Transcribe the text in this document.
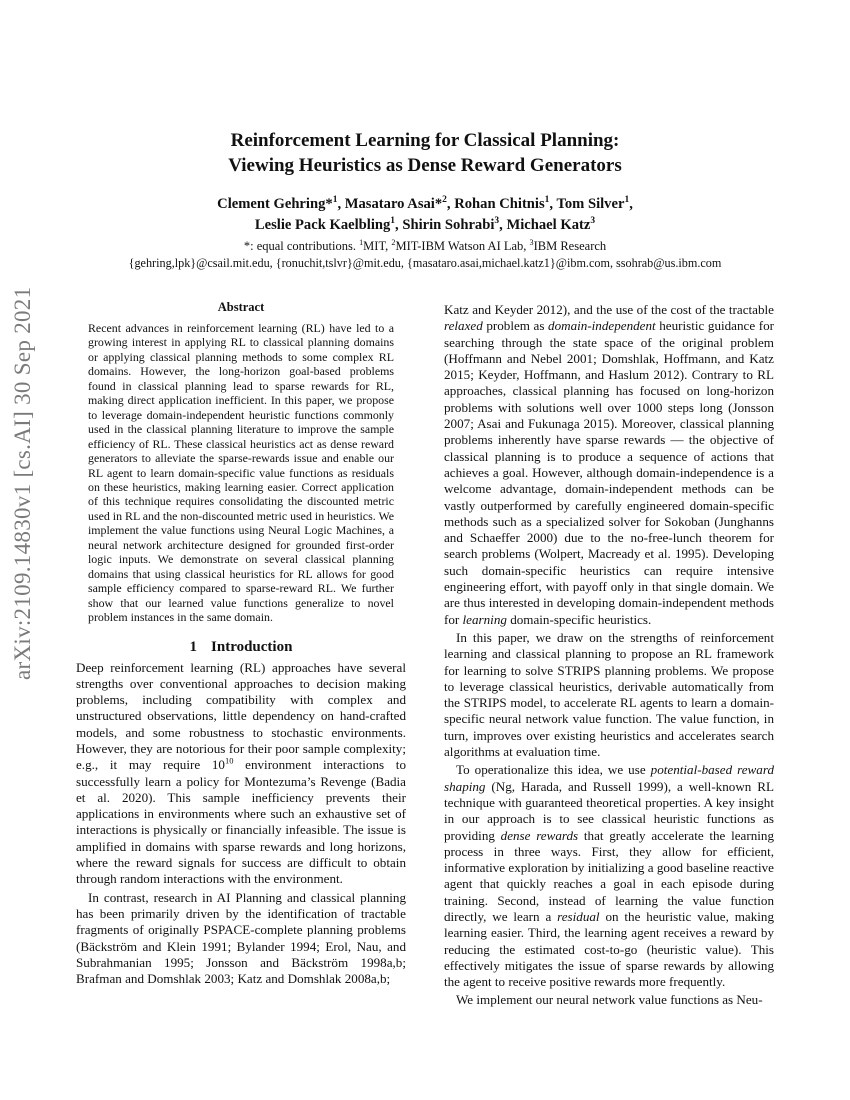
arXiv:2109.14830v1 [cs.AI] 30 Sep 2021
Reinforcement Learning for Classical Planning:
Viewing Heuristics as Dense Reward Generators
Clement Gehring*$^1$, Masataro Asai*$^2$, Rohan Chitnis$^1$, Tom Silver$^1$,
Leslie Pack Kaelbling$^1$, Shirin Sohrabi$^3$, Michael Katz$^3$
*: equal contributions. $^1$MIT, $^2$MIT-IBM Watson AI Lab, $^3$IBM Research
{gehring,lpk}@csail.mit.edu, {ronuchit,tslvr}@mit.edu, {masataro.asai,michael.katz1}@ibm.com, ssohrab@us.ibm.com
Abstract
Recent advances in reinforcement learning (RL) have led to a growing interest in applying RL to classical planning domains or applying classical planning methods to some complex RL domains. However, the long-horizon goal-based problems found in classical planning lead to sparse rewards for RL, making direct application inefficient. In this paper, we propose to leverage domain-independent heuristic functions commonly used in the classical planning literature to improve the sample efficiency of RL. These classical heuristics act as dense reward generators to alleviate the sparse-rewards issue and enable our RL agent to learn domain-specific value functions as residuals on these heuristics, making learning easier. Correct application of this technique requires consolidating the discounted metric used in RL and the non-discounted metric used in heuristics. We implement the value functions using Neural Logic Machines, a neural network architecture designed for grounded first-order logic inputs. We demonstrate on several classical planning domains that using classical heuristics for RL allows for good sample efficiency compared to sparse-reward RL. We further show that our learned value functions generalize to novel problem instances in the same domain.
1 Introduction

Deep reinforcement learning (RL) approaches have several strengths over conventional approaches to decision making problems, including compatibility with complex and unstructured observations, little dependency on hand-crafted models, and some robustness to stochastic environments. However, they are notorious for their poor sample complexity; e.g., it may require $10^{10}$ environment interactions to successfully learn a policy for Montezuma’s Revenge (Badia et al. 2020). This sample inefficiency prevents their applications in environments where such an exhaustive set of interactions is physically or financially infeasible. The issue is amplified in domains with sparse rewards and long horizons, where the reward signals for success are difficult to obtain through random interactions with the environment.

In contrast, research in AI Planning and classical planning has been primarily driven by the identification of tractable fragments of originally PSPACE-complete planning problems (Bäckström and Klein 1991; Bylander 1994; Erol, Nau, and Subrahmanian 1995; Jonsson and Bäckström 1998a,b; Brafman and Domshlak 2003; Katz and Domshlak 2008a,b;

Katz and Keyder 2012), and the use of the cost of the tractable relaxed problem as domain-independent heuristic guidance for searching through the state space of the original problem (Hoffmann and Nebel 2001; Domshlak, Hoffmann, and Katz 2015; Keyder, Hoffmann, and Haslum 2012). Contrary to RL approaches, classical planning has focused on long-horizon problems with solutions well over 1000 steps long (Jonsson 2007; Asai and Fukunaga 2015). Moreover, classical planning problems inherently have sparse rewards — the objective of classical planning is to produce a sequence of actions that achieves a goal. However, although domain-independence is a welcome advantage, domain-independent methods can be vastly outperformed by carefully engineered domain-specific methods such as a specialized solver for Sokoban (Junghanns and Schaeffer 2000) due to the no-free-lunch theorem for search problems (Wolpert, Macready et al. 1995). Developing such domain-specific heuristics can require intensive engineering effort, with payoff only in that single domain. We are thus interested in developing domain-independent methods for learning domain-specific heuristics.

In this paper, we draw on the strengths of reinforcement learning and classical planning to propose an RL framework for learning to solve STRIPS planning problems. We propose to leverage classical heuristics, derivable automatically from the STRIPS model, to accelerate RL agents to learn a domain-specific neural network value function. The value function, in turn, improves over existing heuristics and accelerates search algorithms at evaluation time.

To operationalize this idea, we use potential-based reward shaping (Ng, Harada, and Russell 1999), a well-known RL technique with guaranteed theoretical properties. A key insight in our approach is to see classical heuristic functions as providing dense rewards that greatly accelerate the learning process in three ways. First, they allow for efficient, informative exploration by initializing a good baseline reactive agent that quickly reaches a goal in each episode during training. Second, instead of learning the value function directly, we learn a residual on the heuristic value, making learning easier. Third, the learning agent receives a reward by reducing the estimated cost-to-go (heuristic value). This effectively mitigates the issue of sparse rewards by allowing the agent to receive positive rewards more frequently.

We implement our neural network value functions as Neu-
